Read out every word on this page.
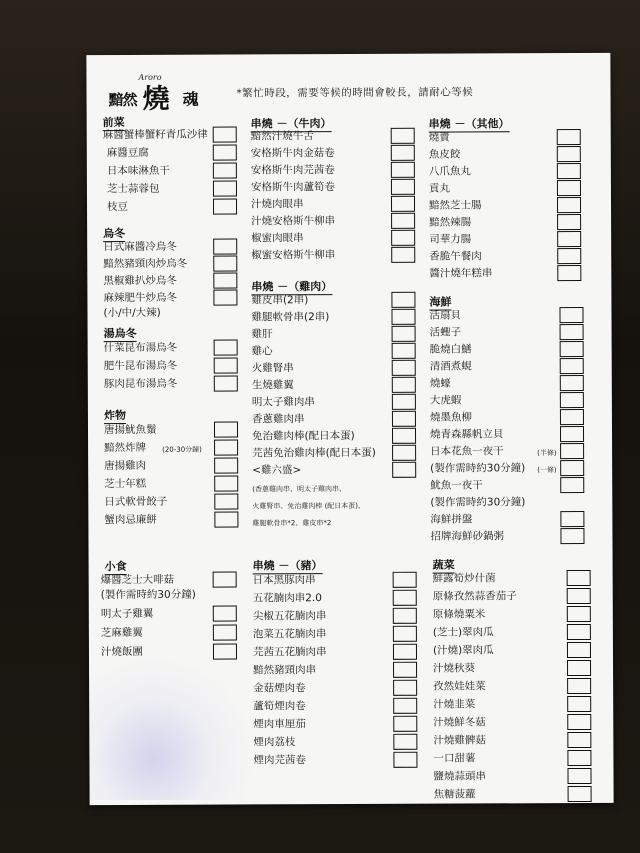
Aroro
黯然 燒 魂	*繁忙時段，需要等候的時間會較長，請耐心等候
前菜
麻醬蟹棒蟹籽青瓜沙律
麻醬豆腐
日本味淋魚干
芝士蒜蓉包
枝豆
烏冬
日式麻醬冷烏冬
黯然豬頸肉炒烏冬
黑椒雞扒炒烏冬
麻辣肥牛炒烏冬
(小/中/大辣)
湯烏冬
什菜昆布湯烏冬
肥牛昆布湯烏冬
豚肉昆布湯烏冬
炸物
唐揚魷魚鬚
黯然炸牌 (20-30分鐘)
唐揚雞肉
芝士年糕
日式軟骨餃子
蟹肉忌廉餅
小食
爆醬芝士大啡菇
(製作需時約30分鐘)
明太子雞翼
芝麻雞翼
汁燒飯團
串燒 －（牛肉）
黯然汁燒牛舌
安格斯牛肉金菇卷
安格斯牛肉芫茜卷
安格斯牛肉蘆筍卷
汁燒肉眼串
汁燒安格斯牛柳串
椒蜜肉眼串
椒蜜安格斯牛柳串
串燒 －（雞肉）
雞皮串(2串)
雞腿軟骨串(2串)
雞肝
雞心
火雞腎串
生燒雞翼
明太子雞肉串
香蔥雞肉串
免治雞肉棒(配日本蛋)
芫茜免治雞肉棒(配日本蛋)
<雞六盛>
(香蔥雞肉串、明太子雞肉串、
火雞腎串、免治雞肉棒 (配日本蛋)、
雞腿軟骨串*2、雞皮串*2
串燒 －（豬）
日本黑豚肉串
五花腩肉串2.0
尖椒五花腩肉串
泡菜五花腩肉串
芫茜五花腩肉串
黯然豬頸肉串
金菇煙肉卷
蘆筍煙肉卷
煙肉車厘茄
煙肉荔枝
煙肉芫茜卷
串燒 －（其他）
燒賣
魚皮餃
八爪魚丸
貢丸
黯然芝士腸
黯然辣腸
司華力腸
香脆午餐肉
醬汁燒年糕串
海鮮
活扇貝
活蟶子
脆燒白鱔
清酒煮蜆
燒蠔
大虎蝦
燒墨魚柳
燒青森縣帆立貝
日本花魚一夜干	(半條)
(製作需時約30分鐘) (一條)
魷魚一夜干
(製作需時約30分鐘)
海鮮拼盤
招牌海鮮砂鍋粥
蔬菜
鮮露筍炒什菌
原條孜然蒜香茄子
原條燒粟米
(芝士)翠肉瓜
(汁燒)翠肉瓜
汁燒秋葵
孜然娃娃菜
汁燒韭菜
汁燒鮮冬菇
汁燒雞髀菇
一口甜薯
鹽燒蒜頭串
焦糖菠蘿
